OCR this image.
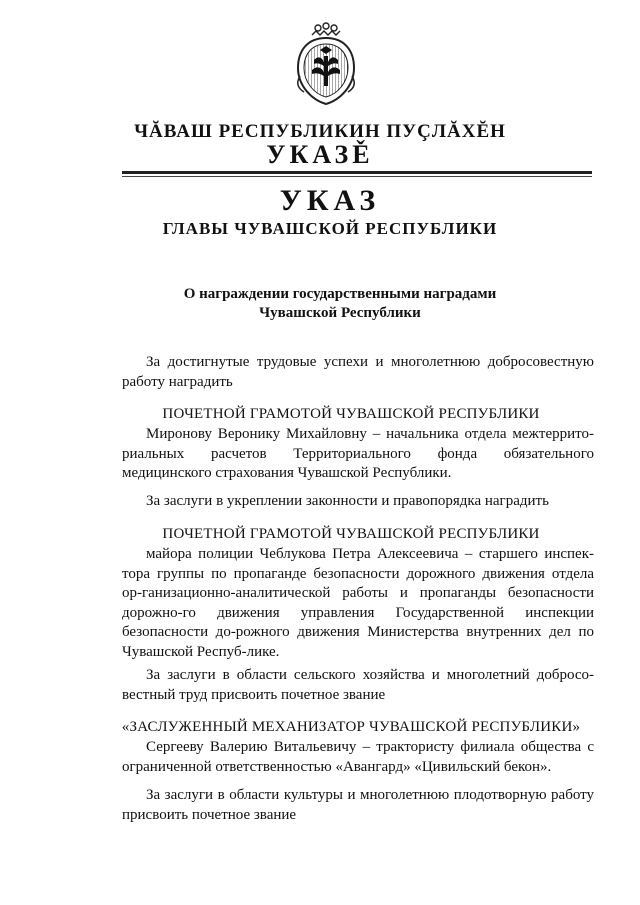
ЧĂВАШ РЕСПУБЛИКИН ПУÇЛĂХĔН
УКАЗĚ
УКАЗ
ГЛАВЫ ЧУВАШСКОЙ РЕСПУБЛИКИ
О награждении государственными наградами
Чувашской Республики
За достигнутые трудовые успехи и многолетнюю добросовестную работу наградить
ПОЧЕТНОЙ ГРАМОТОЙ ЧУВАШСКОЙ РЕСПУБЛИКИ
Миронову Веронику Михайловну – начальника отдела межтеррито-риальных расчетов Территориального фонда обязательного медицинского страхования Чувашской Республики.
За заслуги в укреплении законности и правопорядка наградить
ПОЧЕТНОЙ ГРАМОТОЙ ЧУВАШСКОЙ РЕСПУБЛИКИ
майора полиции Чеблукова Петра Алексеевича – старшего инспек-тора группы по пропаганде безопасности дорожного движения отдела ор-ганизационно-аналитической работы и пропаганды безопасности дорожно-го движения управления Государственной инспекции безопасности до-рожного движения Министерства внутренних дел по Чувашской Респуб-лике.
За заслуги в области сельского хозяйства и многолетний добросо-вестный труд присвоить почетное звание
«ЗАСЛУЖЕННЫЙ МЕХАНИЗАТОР ЧУВАШСКОЙ РЕСПУБЛИКИ»
Сергееву Валерию Витальевичу – трактористу филиала общества с ограниченной ответственностью «Авангард» «Цивильский бекон».
За заслуги в области культуры и многолетнюю плодотворную работу присвоить почетное звание
